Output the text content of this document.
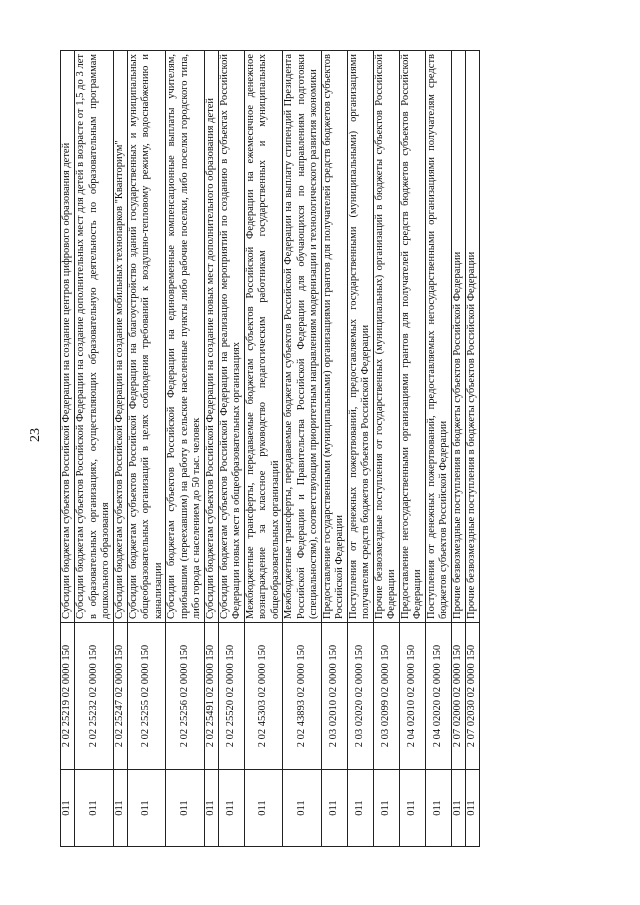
23
011	2 02 25219 02 0000 150	Субсидии бюджетам субъектов Российской Федерации на создание центров цифрового образования детей
011	2 02 25232 02 0000 150	Субсидии бюджетам субъектов Российской Федерации на создание дополнительных мест для детей в возрасте от 1,5 до 3 лет в образовательных организациях, осуществляющих образовательную деятельность по образовательным программам дошкольного образования
011	2 02 25247 02 0000 150	Субсидии бюджетам субъектов Российской Федерации на создание мобильных технопарков "Кванториум"
011	2 02 25255 02 0000 150	Субсидии бюджетам субъектов Российской Федерации на благоустройство зданий государственных и муниципальных общеобразовательных организаций в целях соблюдения требований к воздушно-тепловому режиму, водоснабжению и канализации
011	2 02 25256 02 0000 150	Субсидии бюджетам субъектов Российской Федерации на единовременные компенсационные выплаты учителям, прибывшим (переехавшим) на работу в сельские населенные пункты либо рабочие поселки, либо поселки городского типа, либо города с населением до 50 тыс. человек
011	2 02 25491 02 0000 150	Субсидии бюджетам субъектов Российской Федерации на создание новых мест дополнительного образования детей
011	2 02 25520 02 0000 150	Субсидии бюджетам субъектов Российской Федерации на реализацию мероприятий по созданию в субъектах Российской Федерации новых мест в общеобразовательных организациях
011	2 02 45303 02 0000 150	Межбюджетные трансферты, передаваемые бюджетам субъектов Российской Федерации на ежемесячное денежное вознаграждение за классное руководство педагогическим работникам государственных и муниципальных общеобразовательных организаций
011	2 02 43893 02 0000 150	Межбюджетные трансферты, передаваемые бюджетам субъектов Российской Федерации на выплату стипендий Президента Российской Федерации и Правительства Российской Федерации для обучающихся по направлениям подготовки (специальностям), соответствующим приоритетным направлениям модернизации и технологического развития экономики
011	2 03 02010 02 0000 150	Предоставление государственными (муниципальными) организациями грантов для получателей средств бюджетов субъектов Российской Федерации
011	2 03 02020 02 0000 150	Поступления от денежных пожертвований, предоставляемых государственными (муниципальными) организациями получателям средств бюджетов субъектов Российской Федерации
011	2 03 02099 02 0000 150	Прочие безвозмездные поступления от государственных (муниципальных) организаций в бюджеты субъектов Российской Федерации
011	2 04 02010 02 0000 150	Предоставление негосударственными организациями грантов для получателей средств бюджетов субъектов Российской Федерации
011	2 04 02020 02 0000 150	Поступления от денежных пожертвований, предоставляемых негосударственными организациями получателям средств бюджетов субъектов Российской Федерации
011	2 07 02000 02 0000 150	Прочие безвозмездные поступления в бюджеты субъектов Российской Федерации
011	2 07 02030 02 0000 150	Прочие безвозмездные поступления в бюджеты субъектов Российской Федерации
